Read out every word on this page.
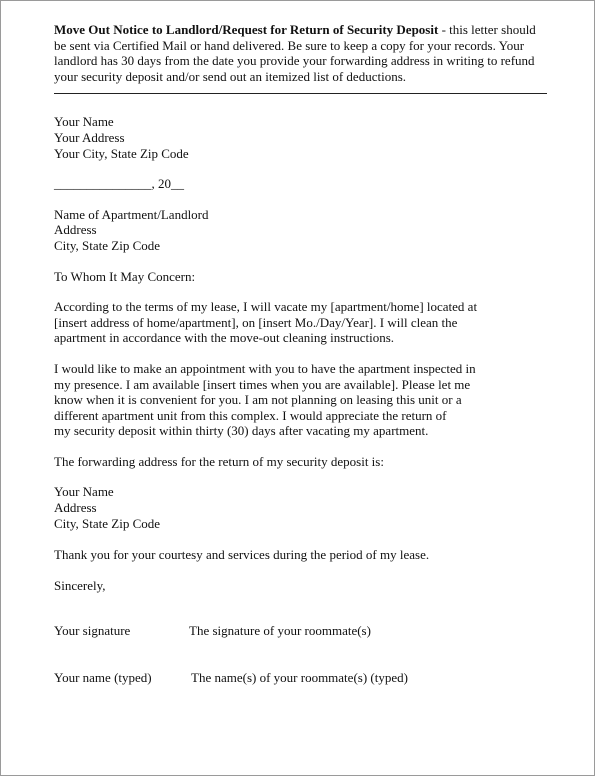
Move Out Notice to Landlord/Request for Return of Security Deposit - this letter should be sent via Certified Mail or hand delivered. Be sure to keep a copy for your records. Your landlord has 30 days from the date you provide your forwarding address in writing to refund your security deposit and/or send out an itemized list of deductions.

Your Name
Your Address
Your City, State Zip Code
_______________, 20__
Name of Apartment/Landlord
Address
City, State Zip Code
To Whom It May Concern:
According to the terms of my lease, I will vacate my [apartment/home] located at
[insert address of home/apartment], on [insert Mo./Day/Year]. I will clean the
apartment in accordance with the move-out cleaning instructions.
I would like to make an appointment with you to have the apartment inspected in
my presence. I am available [insert times when you are available]. Please let me
know when it is convenient for you. I am not planning on leasing this unit or a
different apartment unit from this complex. I would appreciate the return of
my security deposit within thirty (30) days after vacating my apartment.
The forwarding address for the return of my security deposit is:
Your Name
Address
City, State Zip Code
Thank you for your courtesy and services during the period of my lease.
Sincerely,
Your signature	The signature of your roommate(s)
Your name (typed)	The name(s) of your roommate(s) (typed)
